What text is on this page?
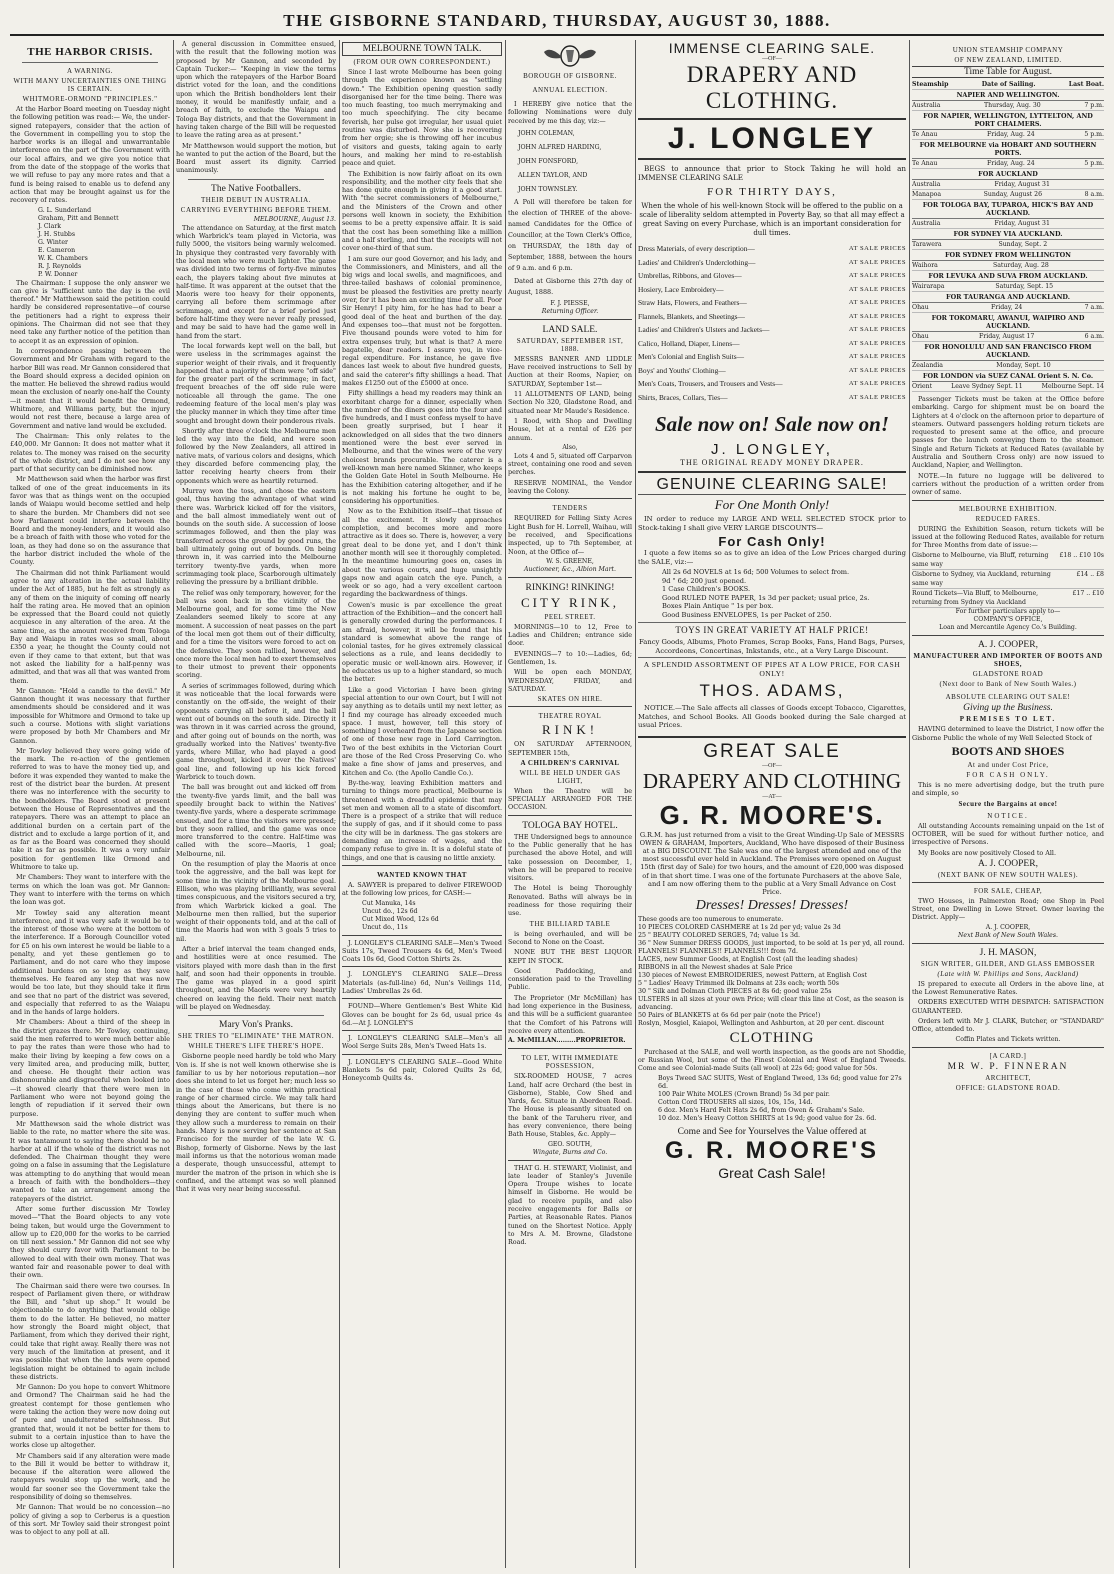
THE GISBORNE STANDARD, THURSDAY, AUGUST 30, 1888.
THE HARBOR CRISIS.
A WARNING.
WITH MANY UNCERTAINTIES ONE THING IS CERTAIN.
WHITMORE-ORMOND "PRINCIPLES."

At the Harbor Board meeting on Tuesday night the following petition was read:— We, the under-signed ratepayers, consider that the action of the Government in compelling you to stop the harbor works is an illegal and unwarrantable interference on the part of the Government with our local affairs, and we give you notice that from the date of the stoppage of the works that we will refuse to pay any more rates and that a fund is being raised to enable us to defend any action that may be brought against us for the recovery of rates.

G. L. Sunderland
Graham, Pitt and Bennett
J. Clark
J. H. Stubbs
G. Winter
E. Cameron
W. K. Chambers
R. J. Reynolds
P. W. Donner

The Chairman: I suppose the only answer we can give is "sufficient unto the day is the evil thereof." Mr Matthewson said the petition could hardly be considered representative—of course the petitioners had a right to express their opinions. The Chairman did not see that they need take any further notice of the petition than to accept it as an expression of opinion.

In correspondence passing between the Government and Mr Graham with regard to the harbor Bill was read. Mr Gannon considered that the Board should express a decided opinion on the matter. He believed the shrewd radius would mean the exclusion of nearly one-half the County—it meant that it would benefit the Ormond, Whitmore, and Williams party, but the injury would not rest there, because a large area of Government and native land would be excluded.

The Chairman: This only relates to the £40,000. Mr Gannon: It does not matter what it relates to. The money was raised on the security of the whole district, and I do not see how any part of that security can be diminished now.

Mr Matthewson said when the harbor was first talked of one of the great inducements in its favor was that as things went on the occupied lands of Waiapu would become settled and help to share the burden. Mr Chambers did not see how Parliament could interfere between the Board and the money-lenders, and it would also be a breach of faith with those who voted for the loan, as they had done so on the assurance that the harbor district included the whole of the County.

The Chairman did not think Parliament would agree to any alteration in the actual liability under the Act of 1885, but he felt as strongly as any of them on the iniquity of coming off nearly half the rating area. He moved that an opinion be expressed that the Board could not quietly acquiesce in any alteration of the area. At the same time, as the amount received from Tologa Bay and Waiapu in rates was so small, about £350 a year, he thought the County could not even if they came to that extent, but that was not asked the liability for a half-penny was admitted, and that was all that was wanted from them.

Mr Gannon: "Hold a candle to the devil." Mr Gannon thought it was necessary that further amendments should be considered and it was impossible for Whitmore and Ormond to take up such a course. Motions with slight variations were proposed by both Mr Chambers and Mr Gannon.

Mr Towley believed they were going wide of the mark. The re-action of the gentlemen referred to was to have the money tied up, and before it was expended they wanted to make the rest of the district bear the burden. At present there was no interference with the security to the bondholders. The Board stood at present between the House of Representatives and the ratepayers. There was an attempt to place an additional burden on a certain part of the district and to exclude a large portion of it, and as far as the Board was concerned they should take it as far as possible. It was a very unfair position for gentlemen like Ormond and Whitmore to take up.

Mr Chambers: They want to interfere with the terms on which the loan was got. Mr Gannon: They want to interfere with the terms on which the loan was got.

Mr Towley said any alteration meant interference, and it was very safe it would be to the interest of those who were at the bottom of the interference. If a Borough Councillor voted for £5 on his own interest he would be liable to a penalty, and yet these gentlemen go to Parliament, and do not care who they impose additional burdens on so long as they save themselves. He feared any step that was now would be too late, but they should take it firm and see that no part of the district was severed, and especially that referred to as the Waiapu and in the hands of large holders.

Mr Chambers: About a third of the sheep in the district grazes there. Mr Towley, continuing, said the men referred to were much better able to pay the rates than were those who had to make their living by keeping a few cows on a very limited area, and producing milk, butter, and cheese. He thought their action was dishonourable and disgraceful when looked into—it showed clearly that there were men in Parliament who were not beyond going the length of repudiation if it served their own purpose.

Mr Matthewson said the whole district was liable to the rate, no matter where the site was. It was tantamount to saying there should be no harbor at all if the whole of the district was not defended. The Chairman thought they were going on a false in assuming that the Legislature was attempting to do anything that would mean a breach of faith with the bondholders—they wanted to take an arrangement among the ratepayers of the district.

After some further discussion Mr Towley moved—"That the Board objects to any vote being taken, but would urge the Government to allow up to £20,000 for the works to be carried on till next session." Mr Gannon did not see why they should curry favor with Parliament to be allowed to deal with their own money. That was wanted fair and reasonable power to deal with their own.

The Chairman said there were two courses. In respect of Parliament given there, or withdraw the Bill, and "shut up shop." It would be objectionable to do anything that would oblige them to do the latter. He believed, no matter how strongly the Board might object, that Parliament, from which they derived their right, could take that right away. Really there was not very much of the limitation at present, and it was possible that when the lands were opened legislation might be obtained to again include these districts.

Mr Gannon: Do you hope to convert Whitmore and Ormond? The Chairman said he had the greatest contempt for those gentlemen who were taking the action they were now doing out of pure and unadulterated selfishness. But granted that, would it not be better for them to submit to a certain injustice than to have the works close up altogether.

Mr Chambers said if any alteration were made to the Bill it would be better to withdraw it, because if the alteration were allowed the ratepayers would stop up the work, and he would far sooner see the Government take the responsibility of doing so themselves.

Mr Gannon: That would be no concession—no policy of giving a sop to Cerberus is a question of this sort. Mr Towley said their strongest point was to object to any poll at all.

A general discussion in Committee ensued, with the result that the following motion was proposed by Mr Gannon, and seconded by Captain Tucker:— "Keeping in view the terms upon which the ratepayers of the Harbor Board district voted for the loan, and the conditions upon which the British bondholders lent their money, it would be manifestly unfair, and a breach of faith, to exclude the Waiapu and Tologa Bay districts, and that the Government in having taken charge of the Bill will be requested to leave the rating area as at present."

Mr Matthewson would support the motion, but he wanted to put the action of the Board, but the Board must assert its dignity. Carried unanimously.

The Native Footballers.
THEIR DEBUT IN AUSTRALIA.
CARRYING EVERYTHING BEFORE THEM.
MELBOURNE, August 13.

The attendance on Saturday, at the first match which Warbrick's team played in Victoria, was fully 5000, the visitors being warmly welcomed. In physique they contrasted very favorably with the local men who were much lighter. The game was divided into two terms of forty-five minutes each, the players taking about five minutes at half-time. It was apparent at the outset that the Maoris were too heavy for their opponents, carrying all before them scrimmage after scrimmage, and except for a brief period just before half-time they were never really pressed, and may be said to have had the game well in hand from the start.

The local forwards kept well on the ball, but were useless in the scrimmages against the superior weight of their rivals, and it frequently happened that a majority of them were "off side" for the greater part of the scrimmage; in fact, frequent breaches of the off side rule were noticeable all through the game. The one redeeming feature of the local men's play was the plucky manner in which they time after time sought and brought down their ponderous rivals.

Shortly after three o'clock the Melbourne men led the way into the field, and were soon followed by the New Zealanders, all attired in native mats, of various colors and designs, which they discarded before commencing play, the latter receiving hearty cheers from their opponents which were as heartily returned.

Murray won the toss, and chose the eastern goal, thus having the advantage of what wind there was. Warbrick kicked off for the visitors, and the ball almost immediately went out of bounds on the south side. A succession of loose scrimmages followed, and then the play was transferred across the ground by good runs, the ball ultimately going out of bounds. On being thrown in, it was carried into the Melbourne territory twenty-five yards, when more scrimmaging took place, Scarborough ultimately relieving the pressure by a brilliant dribble.

The relief was only temporary, however, for the ball was soon back in the vicinity of the Melbourne goal, and for some time the New Zealanders seemed likely to score at any moment. A succession of neat passes on the part of the local men got them out of their difficulty, and for a time the visitors were forced to act on the defensive. They soon rallied, however, and once more the local men had to exert themselves to their utmost to prevent their opponents scoring.

A series of scrimmages followed, during which it was noticeable that the local forwards were constantly on the off-side, the weight of their opponents carrying all before it, and the ball went out of bounds on the south side. Directly it was thrown in it was carried across the ground, and after going out of bounds on the north, was gradually worked into the Natives' twenty-five yards, where Millar, who had played a good game throughout, kicked it over the Natives' goal line, and following up his kick forced Warbrick to touch down.

The ball was brought out and kicked off from the twenty-five yards limit, and the ball was speedily brought back to within the Natives' twenty-five yards, where a desperate scrimmage ensued, and for a time the visitors were pressed; but they soon rallied, and the game was once more transferred to the centre. Half-time was called with the score—Maoris, 1 goal; Melbourne, nil.

On the resumption of play the Maoris at once took the aggressive, and the ball was kept for some time in the vicinity of the Melbourne goal. Ellison, who was playing brilliantly, was several times conspicuous, and the visitors secured a try, from which Warbrick kicked a goal. The Melbourne men then rallied, but the superior weight of their opponents told, and at the call of time the Maoris had won with 3 goals 5 tries to nil.

After a brief interval the team changed ends, and hostilities were at once resumed. The visitors played with more dash than in the first half, and soon had their opponents in trouble. The game was played in a good spirit throughout, and the Maoris were very heartily cheered on leaving the field. Their next match will be played on Wednesday.

Mary Von's Pranks.
SHE TRIES TO "ELIMINATE" THE MATRON.
WHILE THERE'S LIFE THERE'S HOPE.

Gisborne people need hardly be told who Mary Von is. If she is not well known otherwise she is familiar to us by her notorious reputation—nor does she intend to let us forget her; much less so in the case of those who come within practical range of her charmed circle. We may talk hard things about the Americans, but there is no denying they are content to suffer much when they allow such a murderess to remain on their hands. Mary is now serving her sentence at San Francisco for the murder of the late W. G. Bishop, formerly of Gisborne. News by the last mail informs us that the notorious woman made a desperate, though unsuccessful, attempt to murder the matron of the prison in which she is confined, and the attempt was so well planned that it was very near being successful.

MELBOURNE TOWN TALK.
(FROM OUR OWN CORRESPONDENT.)

Since I last wrote Melbourne has been going through the experience known as "settling down." The Exhibition opening question sadly disorganised her for the time being. There was too much feasting, too much merrymaking and too much speechifying. The city became feverish, her pulse got irregular, her usual quiet routine was disturbed. Now she is recovering from her orgie; she is throwing off her incubus of visitors and guests, taking again to early hours, and making her mind to re-establish peace and quiet.

The Exhibition is now fairly afloat on its own responsibility, and the mother city feels that she has done quite enough in giving it a good start. With "the secret commissioners of Melbourne," and the Ministers of the Crown and other persons well known in society, the Exhibition seems to be a pretty expensive affair. It is said that the cost has been something like a million and a half sterling, and that the receipts will not cover one-third of that sum.

I am sure our good Governor, and his lady, and the Commissioners, and Ministers, and all the big wigs and local swells, and magnificoes, and three-tailed bashaws of colonial prominence, must be pleased the festivities are pretty nearly over, for it has been an exciting time for all. Poor Sir Henry! I pity him, for he has had to bear a good deal of the heat and burthen of the day. And expenses too—that must not be forgotten. Five thousand pounds were voted to him for extra expenses truly, but what is that? A mere bagatelle, dear readers. I assure you, in vice-regal expenditure. For instance, he gave five dances last week to about five hundred guests, and said the caterer's fifty shillings a head. That makes £1250 out of the £5000 at once.

Fifty shillings a head my readers may think an exorbitant charge for a dinner, especially when the number of the diners goes into the four and five hundreds, and I must confess myself to have been greatly surprised, but I hear it acknowledged on all sides that the two dinners mentioned were the best ever served in Melbourne, and that the wines were of the very choicest brands procurable. The caterer is a well-known man here named Skinner, who keeps the Golden Gate Hotel in South Melbourne. He has the Exhibition catering altogether, and if he is not making his fortune he ought to be, considering his opportunities.

Now as to the Exhibition itself—that tissue of all the excitement. It slowly approaches completion, and becomes more and more attractive as it does so. There is, however, a very great deal to be done yet, and I don't think another month will see it thoroughly completed. In the meantime humouring goes on, cases in about the various courts, and huge unsightly gaps now and again catch the eye. Punch, a week or so ago, had a very excellent cartoon regarding the backwardness of things.

Cowen's music is par excellence the great attraction of the Exhibition—and the concert hall is generally crowded during the performances. I am afraid, however, it will be found that his standard is somewhat above the range of colonial tastes, for he gives extremely classical selections as a rule, and leans decidedly to operatic music or well-known airs. However, if he educates us up to a higher standard, so much the better.

Like a good Victorian I have been giving special attention to our own Court, but I will not say anything as to details until my next letter, as I find my courage has already exceeded much space. I must, however, tell this story of something I overheard from the Japanese section of one of those new rage in Lord Carrington. Two of the best exhibits in the Victorian Court are those of the Red Cross Preserving Co. who make a fine show of jams and preserves, and Kitchen and Co. (the Apollo Candle Co.).

By-the-way, leaving Exhibition matters and turning to things more practical, Melbourne is threatened with a dreadful epidemic that may set men and women all to a state of discomfort. There is a prospect of a strike that will reduce the supply of gas, and if it should come to pass the city will be in darkness. The gas stokers are demanding an increase of wages, and the company refuse to give in. It is a doleful state of things, and one that is causing no little anxiety.

WANTED KNOWN THAT

A. SAWYER is prepared to deliver FIREWOOD at the following low prices, for CASH:—

Cut Manuka, 14s
Uncut do., 12s 6d
Cut Mixed Wood, 12s 6d
Uncut do., 11s

J. LONGLEY'S CLEARING SALE—Men's Tweed Suits 17s, Tweed Trousers 4s 6d, Men's Tweed Coats 10s 6d, Good Cotton Shirts 2s.

J. LONGLEY'S CLEARING SALE—Dress Materials (as-full-line) 6d, Nun's Veilings 11d, Ladies' Umbrellas 2s 6d.

FOUND—Where Gentlemen's Best White Kid Gloves can be bought for 2s 6d, usual price 4s 6d.—At J. LONGLEY'S

J. LONGLEY'S CLEARING SALE—Men's all Wool Serge Suits 28s, Men's Tweed Hats 1s.

J. LONGLEY'S CLEARING SALE—Good White Blankets 5s 6d pair, Colored Quilts 2s 6d, Honeycomb Quilts 4s.

BOROUGH OF GISBORNE.
ANNUAL ELECTION.

I HEREBY give notice that the following Nominations were duly received by me this day, viz:—

JOHN COLEMAN,
JOHN ALFRED HARDING,
JOHN FONSFORD,
ALLEN TAYLOR, AND
JOHN TOWNSLEY.

A Poll will therefore be taken for the election of THREE of the above-named Candidates for the Office of Councillor, at the Town Clerk's Office, on THURSDAY, the 18th day of September, 1888, between the hours of 9 a.m. and 6 p.m.

Dated at Gisborne this 27th day of August, 1888.

F. J. PIESSE,
Returning Officer.
LAND SALE.
SATURDAY, SEPTEMBER 1ST, 1888.

MESSRS BANNER AND LIDDLE Have received instructions to Sell by Auction at their Rooms, Napier, on SATURDAY, September 1st—

11 ALLOTMENTS OF LAND, being Section No 320, Gladstone Road, and situated near Mr Maude's Residence.

1 Rood, with Shop and Dwelling House, let at a rental of £26 per annum.

Also,

Lots 4 and 5, situated off Carparvon street, containing one rood and seven perches.

RESERVE NOMINAL, the Vendor leaving the Colony.

TENDERS

REQUIRED for Felling Sixty Acres Light Bush for H. Lorrell, Waihau, will be received, and Specifications inspected, up to 7th September, at Noon, at the Office of—

W. S. GREENE,
Auctioneer, &c., Albion Mart.
RINKING! RINKING!
CITY RINK,
PEEL STREET.

MORNINGS—10 to 12, Free to Ladies and Children; entrance side door.

EVENINGS—7 to 10:—Ladies, 6d; Gentlemen, 1s.

Will be open each MONDAY, WEDNESDAY, FRIDAY, and SATURDAY.

SKATES ON HIRE.
THEATRE ROYAL
RINK!

ON SATURDAY AFTERNOON, SEPTEMBER 15th,

A CHILDREN'S CARNIVAL
WILL BE HELD UNDER GAS LIGHT,

When the Theatre will be SPECIALLY ARRANGED FOR THE OCCASION.

TOLOGA BAY HOTEL.

THE Undersigned begs to announce to the Public generally that he has purchased the above Hotel, and will take possession on December, 1, when he will be prepared to receive visitors.

The Hotel is being Thoroughly Renovated. Baths will always be in readiness for those requiring their use.

THE BILLIARD TABLE

is being overhauled, and will be Second to None on the Coast.

NONE BUT THE BEST LIQUOR KEPT IN STOCK.

Good Paddocking, and consideration paid to the Travelling Public.

The Proprietor (Mr McMillan) has had long experience in the Business, and this will be a sufficient guarantee that the Comfort of his Patrons will receive every attention.

A. McMILLAN.........PROPRIETOR.
TO LET, WITH IMMEDIATE POSSESSION,

SIX-ROOMED HOUSE, 7 acres Land, half acre Orchard (the best in Gisborne), Stable, Cow Shed and Yards, &c. Situate in Aberdeen Road. The House is pleasantly situated on the bank of the Taruheru river, and has every convenience, there being Bath House, Stables, &c. Apply—

GEO. SOUTH,
Wingate, Burns and Co.

THAT G. H. STEWART, Violinist, and late leader of Stanley's Juvenile Opera Troupe wishes to locate himself in Gisborne. He would be glad to receive pupils, and also receive engagements for Balls or Parties, at Reasonable Rates. Pianos tuned on the Shortest Notice. Apply to Mrs A. M. Browne, Gladstone Road.

IMMENSE CLEARING SALE.
—OF—
DRAPERY AND CLOTHING.
J. LONGLEY

BEGS to announce that prior to Stock Taking he will hold an IMMENSE CLEARING SALE

FOR THIRTY DAYS,

When the whole of his well-known Stock will be offered to the public on a scale of liberality seldom attempted in Poverty Bay, so that all may effect a great Saving on every Purchase, which is an important consideration for dull times.

Dress Materials, of every description—	AT SALE PRICES
Ladies' and Children's Underclothing—	AT SALE PRICES
Umbrellas, Ribbons, and Gloves—	AT SALE PRICES
Hosiery, Lace Embroidery—	AT SALE PRICES
Straw Hats, Flowers, and Feathers—	AT SALE PRICES
Flannels, Blankets, and Sheetings—	AT SALE PRICES
Ladies' and Children's Ulsters and Jackets—	AT SALE PRICES
Calico, Holland, Diaper, Linens—	AT SALE PRICES
Men's Colonial and English Suits—	AT SALE PRICES
Boys' and Youths' Clothing—	AT SALE PRICES
Men's Coats, Trousers, and Trousers and Vests—	AT SALE PRICES
Shirts, Braces, Collars, Ties—	AT SALE PRICES
Sale now on! Sale now on!
J. LONGLEY,
THE ORIGINAL READY MONEY DRAPER.
GENUINE CLEARING SALE!
For One Month Only!

IN order to reduce my LARGE AND WELL SELECTED STOCK prior to Stock-taking I shall give VERY LARGE DISCOUNTS—

For Cash Only!

I quote a few items so as to give an idea of the Low Prices charged during the SALE, viz:—

All 2s 6d NOVELS at 1s 6d; 500 Volumes to select from.
9d " 6d; 200 just opened.
1 Case Children's BOOKS.
Good RULED NOTE PAPER, 1s 3d per packet; usual price, 2s.
Boxes Plain Antique " 1s per box.
Good Business ENVELOPES, 1s per Packet of 250.
TOYS IN GREAT VARIETY AT HALF PRICE!

Fancy Goods, Albums, Photo Frames, Scrap Books, Fans, Hand Bags, Purses, Accordeons, Concertinas, Inkstands, etc., at a Very Large Discount.

A SPLENDID ASSORTMENT OF PIPES AT A LOW PRICE, FOR CASH ONLY!
THOS. ADAMS,

NOTICE.—The Sale affects all classes of Goods except Tobacco, Cigarettes, Matches, and School Books. All Goods booked during the Sale charged at usual Prices.

GREAT SALE
—OF—
DRAPERY AND CLOTHING
—AT—
G. R. MOORE'S.

G.R.M. has just returned from a visit to the Great Winding-Up Sale of MESSRS OWEN & GRAHAM, Importers, Auckland, Who have disposed of their Business at a BIG DISCOUNT. The Sale was one of the largest attended and one of the most successful ever held in Auckland. The Premises were opened on August 15th (first day of Sale) for two hours, and the amount of £20,000 was disposed of in that short time. I was one of the fortunate Purchasers at the above Sale, and I am now offering them to the public at a Very Small Advance on Cost Price.

Dresses! Dresses! Dresses!
These goods are too numerous to enumerate.
10 PIECES COLORED CASHMERE at 1s 2d per yd; value 2s 3d
25 " BEAUTY COLORED SERGES, 7d; value 1s 3d.
36 " New Summer DRESS GOODS, just imported, to be sold at 1s per yd, all round.
FLANNELS! FLANNELS!! FLANNELS!!! from 7d.
LACES, new Summer Goods, at English Cost (all the leading shades)
RIBBONS in all the Newest shades at Sale Price
130 pieces of Newest EMBROIDERIES, newest Pattern, at English Cost
5 " Ladies' Heavy Trimmed ilk Dolmans at 23s each; worth 50s
30 " Silk and Dolman Cloth PIECES at 8s 6d; good value 25s
ULSTERS in all sizes at your own Price; will clear this line at Cost, as the season is advancing.
50 Pairs of BLANKETS at 6s 6d per pair (note the Price!)
Roslyn, Mosgiel, Kaiapoi, Wellington and Ashburton, at 20 per cent. discount
CLOTHING

Purchased at the SALE, and well worth inspection, as the goods are not Shoddie, or Russian Wool, but some of the Finest Colonial and West of England Tweeds. Come and see Colonial-made Suits (all wool) at 22s 6d; good value for 50s.

Boys Tweed SAC SUITS, West of England Tweed, 13s 6d; good value for 27s 6d.
100 Pair White MOLES (Crown Brand) 5s 3d per pair.
Cotton Cord TROUSERS all sizes, 10s, 15s, 14d.
6 doz. Men's Hard Felt Hats 2s 6d, from Owen & Graham's Sale.
10 doz. Men's Heavy Cotton SHIRTS at 1s 9d; good value for 2s. 6d.
Come and See for Yourselves the Value offered at
G. R. MOORE'S
Great Cash Sale!
UNION STEAMSHIP COMPANY
OF NEW ZEALAND, LIMITED.
Time Table for August.
Steamship	Date of Sailing.	Last Boat.
NAPIER AND WELLINGTON.
Australia	Thursday, Aug. 30	7 p.m.
FOR NAPIER, WELLINGTON, LYTTELTON, AND PORT CHALMERS.
Te Anau	Friday, Aug. 24	5 p.m.
FOR MELBOURNE via HOBART AND SOUTHERN PORTS.
Te Anau	Friday, Aug. 24	5 p.m.
FOR AUCKLAND
Australia	Friday, August 31
Manapoa	Sunday, August 26	8 a.m.
FOR TOLOGA BAY, TUPAROA, HICK'S BAY AND AUCKLAND.
Australia	Friday, August 31
FOR SYDNEY VIA AUCKLAND.
Tarawera	Sunday, Sept. 2
FOR SYDNEY FROM WELLINGTON
Waihora	Saturday, Aug. 28
FOR LEVUKA AND SUVA FROM AUCKLAND.
Wairarapa	Saturday, Sept. 15
FOR TAURANGA AND AUCKLAND.
Ohau	Friday, 24	7 a.m.
FOR TOKOMARU, AWANUI, WAIPIRO AND AUCKLAND.
Ohau	Friday, August 17	6 a.m.
FOR HONOLULU AND SAN FRANCISCO FROM AUCKLAND.
Zealandia	Monday, Sept. 10
FOR LONDON via SUEZ CANAL Orient S. N. Co.
Orient	Leave Sydney Sept. 11	Melbourne Sept. 14

Passenger Tickets must be taken at the Office before embarking. Cargo for shipment must be on board the Lighters at 4 o'clock on the afternoon prior to departure of steamers. Outward passengers holding return tickets are requested to present same at the office, and procure passes for the launch conveying them to the steamer. Single and Return Tickets at Reduced Rates (available by Australia and Southern Cross only) are now issued to Auckland, Napier, and Wellington.

NOTE.—In future no luggage will be delivered to carriers without the production of a written order from owner of same.

MELBOURNE EXHIBITION.
REDUCED FARES.

DURING the Exhibition Season, return tickets will be issued at the following Reduced Rates, available for return for Three Months from date of issue:—

Gisborne to Melbourne, via Bluff, returning same way
£18 .. £10 10s
Gisborne to Sydney, via Auckland, returning same way
£14 .. £8
Round Tickets—Via Bluff, to Melbourne, returning from Sydney via Auckland
£17 .. £10
For further particulars apply to—
COMPANY'S OFFICE,
Loan and Mercantile Agency Co.'s Building.
A. J. COOPER,
MANUFACTURER AND IMPORTER OF BOOTS AND SHOES,
GLADSTONE ROAD
(Next door to Bank of New South Wales.)
ABSOLUTE CLEARING OUT SALE!
Giving up the Business.
PREMISES TO LET.

HAVING determined to leave the District, I now offer the Gisborne Public the whole of my Well Selected Stock of

BOOTS AND SHOES
At and under Cost Price,
FOR CASH ONLY.

This is no mere advertising dodge, but the truth pure and simple, so

Secure the Bargains at once!
NOTICE.

All outstanding Accounts remaining unpaid on the 1st of OCTOBER, will be sued for without further notice, and irrespective of Persons.

My Books are now positively Closed to All.

A. J. COOPER,
(NEXT BANK OF NEW SOUTH WALES).
FOR SALE, CHEAP,

TWO Houses, in Palmerston Road; one Shop in Peel Street, one Dwelling in Lowe Street. Owner leaving the District. Apply—

A. J. COOPER,
Next Bank of New South Wales.
J. H. MASON,
SIGN WRITER, GILDER, AND GLASS EMBOSSER
(Late with W. Phillips and Sons, Auckland)

IS prepared to execute all Orders in the above line, at the Lowest Remunerative Rates.

ORDERS EXECUTED WITH DESPATCH: SATISFACTION GUARANTEED.

Orders left with Mr J. CLARK, Butcher, or "STANDARD" Office, attended to.

Coffin Plates and Tickets written.
[A CARD.]
MR W. P. FINNERAN
ARCHITECT,
OFFICE: GLADSTONE ROAD.
